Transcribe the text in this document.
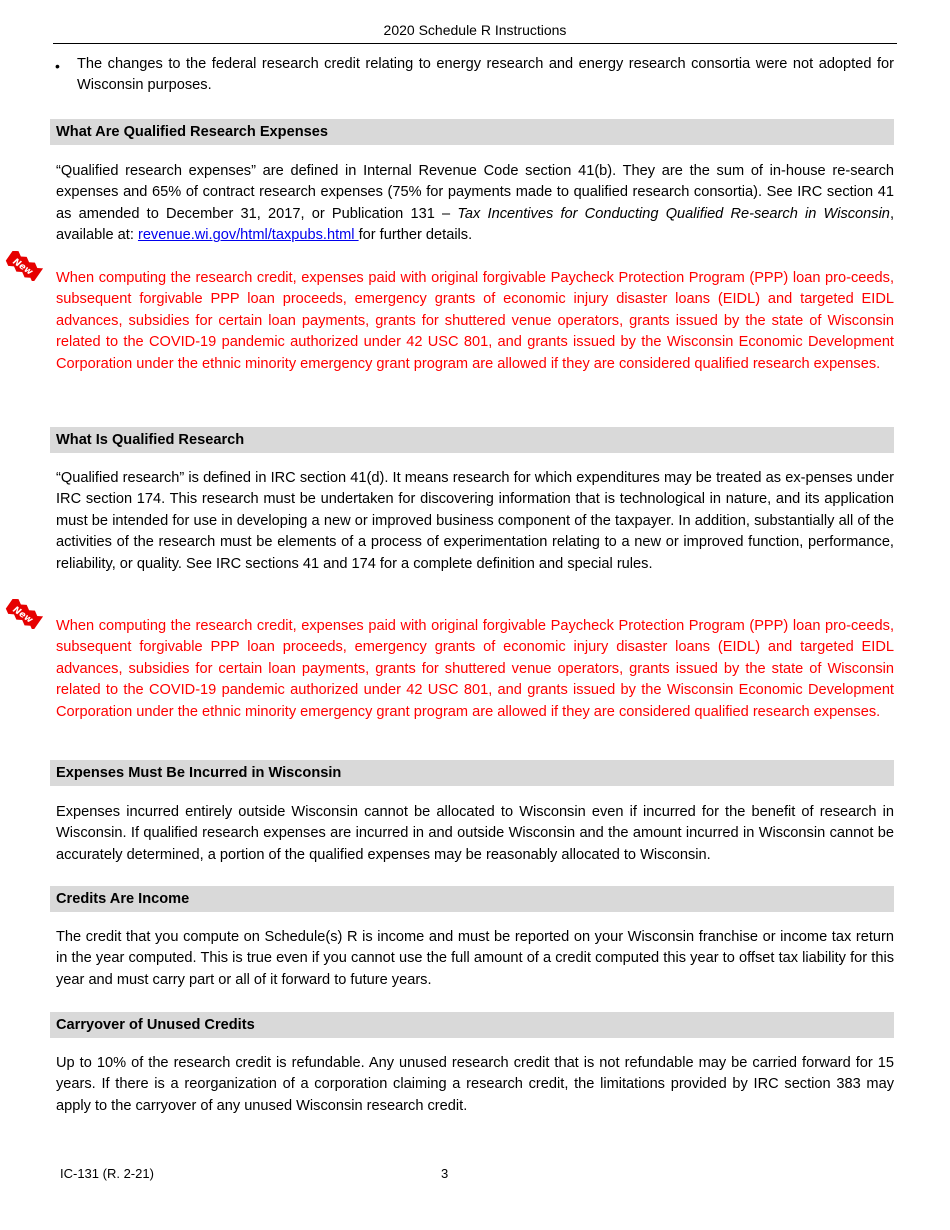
2020 Schedule R Instructions
•	The changes to the federal research credit relating to energy research and energy research consortia were not adopted for Wisconsin purposes.

What Are Qualified Research Expenses

“Qualified research expenses” are defined in Internal Revenue Code section 41(b). They are the sum of in-house re-search expenses and 65% of contract research expenses (75% for payments made to qualified research consortia). See IRC section 41 as amended to December 31, 2017, or Publication 131 – Tax Incentives for Conducting Qualified Re-search in Wisconsin, available at: revenue.wi.gov/html/taxpubs.html for further details.

New

When computing the research credit, expenses paid with original forgivable Paycheck Protection Program (PPP) loan pro-ceeds, subsequent forgivable PPP loan proceeds, emergency grants of economic injury disaster loans (EIDL) and targeted EIDL advances, subsidies for certain loan payments, grants for shuttered venue operators, grants issued by the state of Wisconsin related to the COVID-19 pandemic authorized under 42 USC 801, and grants issued by the Wisconsin Economic Development Corporation under the ethnic minority emergency grant program are allowed if they are considered qualified research expenses.

What Is Qualified Research

“Qualified research” is defined in IRC section 41(d). It means research for which expenditures may be treated as ex-penses under IRC section 174. This research must be undertaken for discovering information that is technological in nature, and its application must be intended for use in developing a new or improved business component of the taxpayer. In addition, substantially all of the activities of the research must be elements of a process of experimentation relating to a new or improved function, performance, reliability, or quality. See IRC sections 41 and 174 for a complete definition and special rules.

New

When computing the research credit, expenses paid with original forgivable Paycheck Protection Program (PPP) loan pro-ceeds, subsequent forgivable PPP loan proceeds, emergency grants of economic injury disaster loans (EIDL) and targeted EIDL advances, subsidies for certain loan payments, grants for shuttered venue operators, grants issued by the state of Wisconsin related to the COVID-19 pandemic authorized under 42 USC 801, and grants issued by the Wisconsin Economic Development Corporation under the ethnic minority emergency grant program are allowed if they are considered qualified research expenses.

Expenses Must Be Incurred in Wisconsin

Expenses incurred entirely outside Wisconsin cannot be allocated to Wisconsin even if incurred for the benefit of research in Wisconsin. If qualified research expenses are incurred in and outside Wisconsin and the amount incurred in Wisconsin cannot be accurately determined, a portion of the qualified expenses may be reasonably allocated to Wisconsin.

Credits Are Income

The credit that you compute on Schedule(s) R is income and must be reported on your Wisconsin franchise or income tax return in the year computed. This is true even if you cannot use the full amount of a credit computed this year to offset tax liability for this year and must carry part or all of it forward to future years.

Carryover of Unused Credits

Up to 10% of the research credit is refundable. Any unused research credit that is not refundable may be carried forward for 15 years. If there is a reorganization of a corporation claiming a research credit, the limitations provided by IRC section 383 may apply to the carryover of any unused Wisconsin research credit.

IC-131 (R. 2-21)	3
